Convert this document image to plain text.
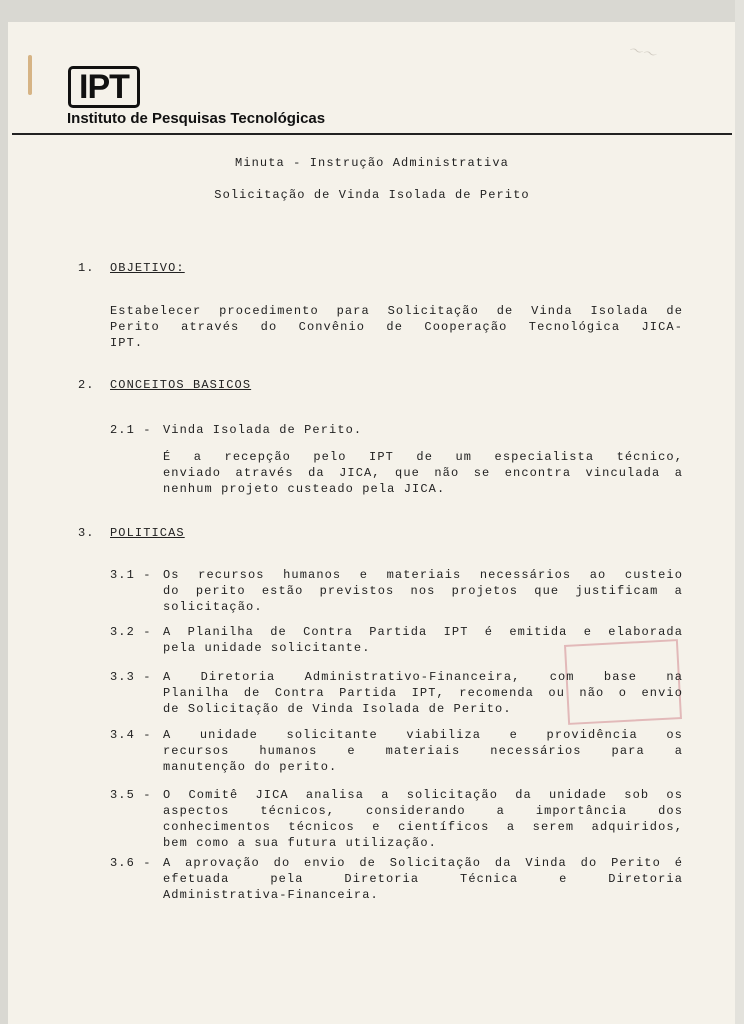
IPT
Instituto de Pesquisas Tecnológicas
〜〜
Minuta - Instrução Administrativa
Solicitação de Vinda Isolada de Perito
1. OBJETIVO:
Estabelecer procedimento para Solicitação de Vinda Isolada de
Perito através do Convênio de Cooperação Tecnológica JICA-
IPT.
2. CONCEITOS BASICOS
2.1 - Vinda Isolada de Perito.
É a recepção pelo IPT de um especialista técnico,
enviado através da JICA, que não se encontra vinculada a
nenhum projeto custeado pela JICA.
3. POLITICAS
3.1 - Os recursos humanos e materiais necessários ao custeio
do perito estão previstos nos projetos que justificam a
solicitação.
3.2 - A Planilha de Contra Partida IPT é emitida e elaborada
pela unidade solicitante.
3.3 - A Diretoria Administrativo-Financeira, com base na
Planilha de Contra Partida IPT, recomenda ou não o envio
de Solicitação de Vinda Isolada de Perito.
3.4 - A unidade solicitante viabiliza e providência os
recursos humanos e materiais necessários para a
manutenção do perito.
3.5 - O Comitê JICA analisa a solicitação da unidade sob os
aspectos técnicos, considerando a importância dos
conhecimentos técnicos e científicos a serem adquiridos,
bem como a sua futura utilização.
3.6 - A aprovação do envio de Solicitação da Vinda do Perito é
efetuada pela Diretoria Técnica e Diretoria
Administrativa-Financeira.
